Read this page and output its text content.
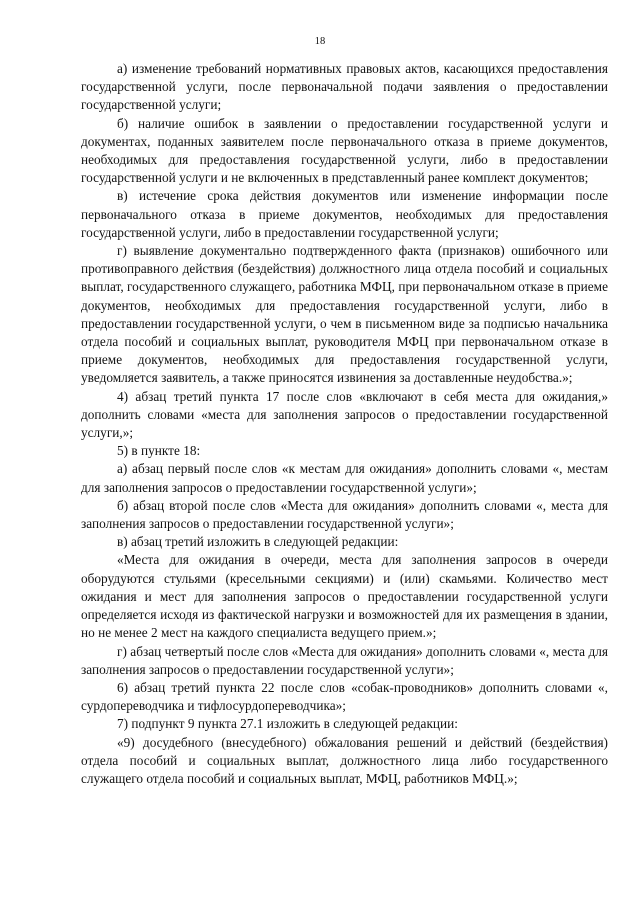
18

а) изменение требований нормативных правовых актов, касающихся предоставления государственной услуги, после первоначальной подачи заявления о предоставлении государственной услуги;

б) наличие ошибок в заявлении о предоставлении государственной услуги и документах, поданных заявителем после первоначального отказа в приеме документов, необходимых для предоставления государственной услуги, либо в предоставлении государственной услуги и не включенных в представленный ранее комплект документов;

в) истечение срока действия документов или изменение информации после первоначального отказа в приеме документов, необходимых для предоставления государственной услуги, либо в предоставлении государственной услуги;

г) выявление документально подтвержденного факта (признаков) ошибочного или противоправного действия (бездействия) должностного лица отдела пособий и социальных выплат, государственного служащего, работника МФЦ, при первоначальном отказе в приеме документов, необходимых для предоставления государственной услуги, либо в предоставлении государственной услуги, о чем в письменном виде за подписью начальника отдела пособий и социальных выплат, руководителя МФЦ при первоначальном отказе в приеме документов, необходимых для предоставления государственной услуги, уведомляется заявитель, а также приносятся извинения за доставленные неудобства.»;

4) абзац третий пункта 17 после слов «включают в себя места для ожидания,» дополнить словами «места для заполнения запросов о предоставлении государственной услуги,»;

5) в пункте 18:

а) абзац первый после слов «к местам для ожидания» дополнить словами «, местам для заполнения запросов о предоставлении государственной услуги»;

б) абзац второй после слов «Места для ожидания» дополнить словами «, места для заполнения запросов о предоставлении государственной услуги»;

в) абзац третий изложить в следующей редакции:

«Места для ожидания в очереди, места для заполнения запросов в очереди оборудуются стульями (кресельными секциями) и (или) скамьями. Количество мест ожидания и мест для заполнения запросов о предоставлении государственной услуги определяется исходя из фактической нагрузки и возможностей для их размещения в здании, но не менее 2 мест на каждого специалиста ведущего прием.»;

г) абзац четвертый после слов «Места для ожидания» дополнить словами «, места для заполнения запросов о предоставлении государственной услуги»;

6) абзац третий пункта 22 после слов «собак-проводников» дополнить словами «, сурдопереводчика и тифлосурдопереводчика»;

7) подпункт 9 пункта 27.1 изложить в следующей редакции:

«9) досудебного (внесудебного) обжалования решений и действий (бездействия) отдела пособий и социальных выплат, должностного лица либо государственного служащего отдела пособий и социальных выплат, МФЦ, работников МФЦ.»;
